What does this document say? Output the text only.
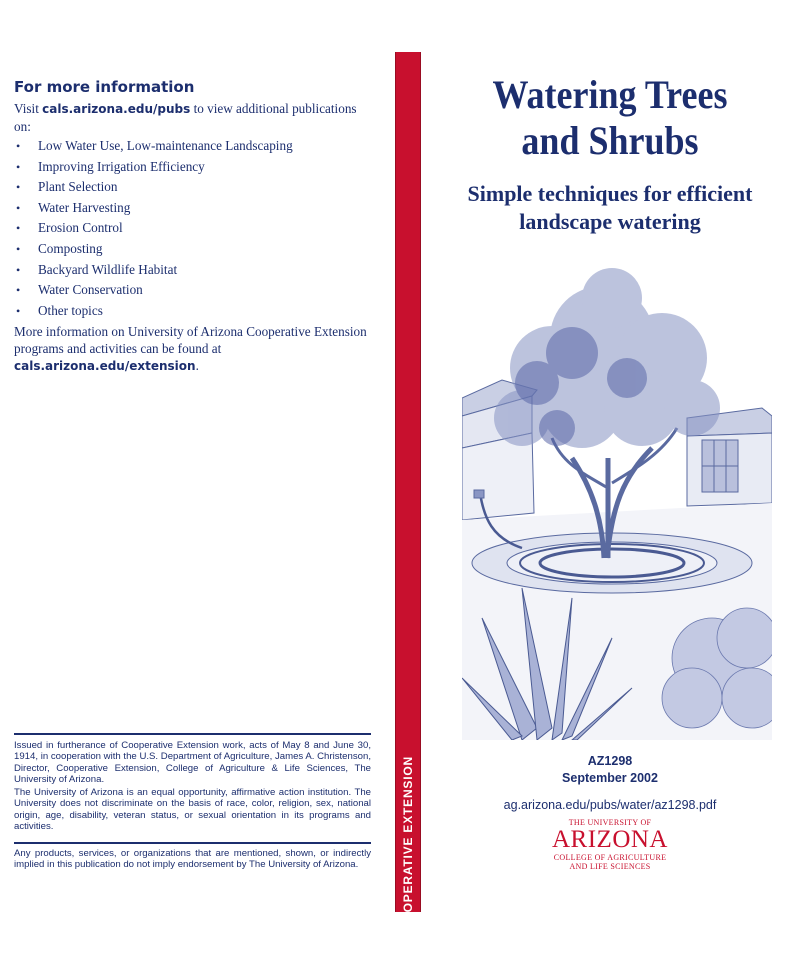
For more information
Visit cals.arizona.edu/pubs to view additional publications on:
• Low Water Use, Low-maintenance Landscaping
• Improving Irrigation Efficiency
• Plant Selection
• Water Harvesting
• Erosion Control
• Composting
• Backyard Wildlife Habitat
• Water Conservation
• Other topics
More information on University of Arizona Cooperative Extension programs and activities can be found at cals.arizona.edu/extension.
Issued in furtherance of Cooperative Extension work, acts of May 8 and June 30, 1914, in cooperation with the U.S. Department of Agriculture, James A. Christenson, Director, Cooperative Extension, College of Agriculture & Life Sciences, The University of Arizona.
The University of Arizona is an equal opportunity, affirmative action institution. The University does not discriminate on the basis of race, color, religion, sex, national origin, age, disability, veteran status, or sexual orientation in its programs and activities.
Any products, services, or organizations that are mentioned, shown, or indirectly implied in this publication do not imply endorsement by The University of Arizona.	COOPERATIVE EXTENSION
Watering Trees
and Shrubs
Simple techniques for efficient
landscape watering
AZ1298
September 2002
ag.arizona.edu/pubs/water/az1298.pdf
THE UNIVERSITY OF
ARIZONA
COLLEGE OF AGRICULTURE
AND LIFE SCIENCES
